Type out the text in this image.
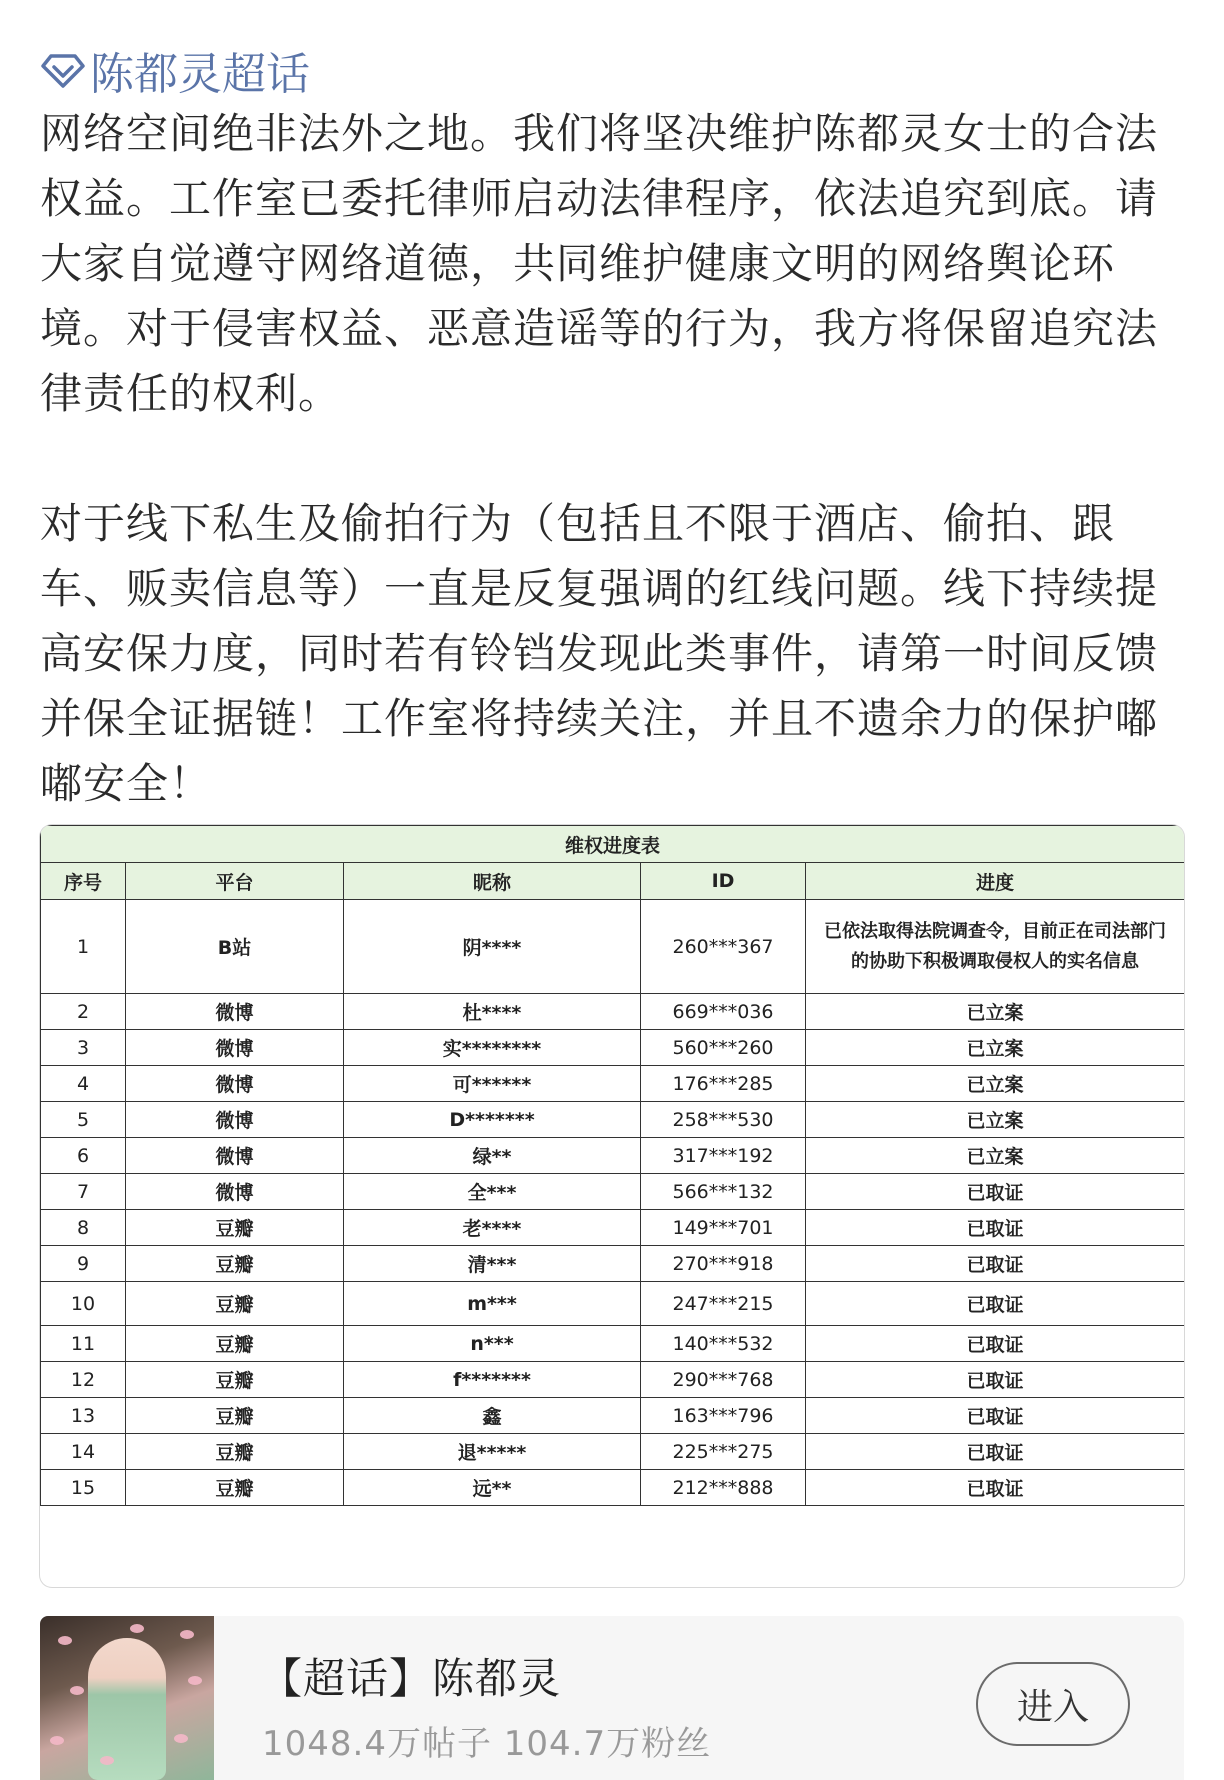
陈都灵超话

网络空间绝非法外之地。我们将坚决维护陈都灵女士的合法权益。工作室已委托律师启动法律程序，依法追究到底。请大家自觉遵守网络道德，共同维护健康文明的网络舆论环境。对于侵害权益、恶意造谣等的行为，我方将保留追究法律责任的权利。

对于线下私生及偷拍行为（包括且不限于酒店、偷拍、跟车、贩卖信息等）一直是反复强调的红线问题。线下持续提高安保力度，同时若有铃铛发现此类事件，请第一时间反馈并保全证据链！工作室将持续关注，并且不遗余力的保护嘟嘟安全！

维权进度表				
序号	平台	昵称	ID	进度
1	B站	阴****	260***367	已依法取得法院调查令，目前正在司法部门的协助下积极调取侵权人的实名信息
2	微博	杜****	669***036	已立案
3	微博	实********	560***260	已立案
4	微博	可******	176***285	已立案
5	微博	D*******	258***530	已立案
6	微博	绿**	317***192	已立案
7	微博	全***	566***132	已取证
8	豆瓣	老****	149***701	已取证
9	豆瓣	清***	270***918	已取证
10	豆瓣	m***	247***215	已取证
11	豆瓣	n***	140***532	已取证
12	豆瓣	f*******	290***768	已取证
13	豆瓣	鑫	163***796	已取证
14	豆瓣	退*****	225***275	已取证
15	豆瓣	远**	212***888	已取证
【超话】陈都灵
1048.4万帖子 104.7万粉丝
进入
